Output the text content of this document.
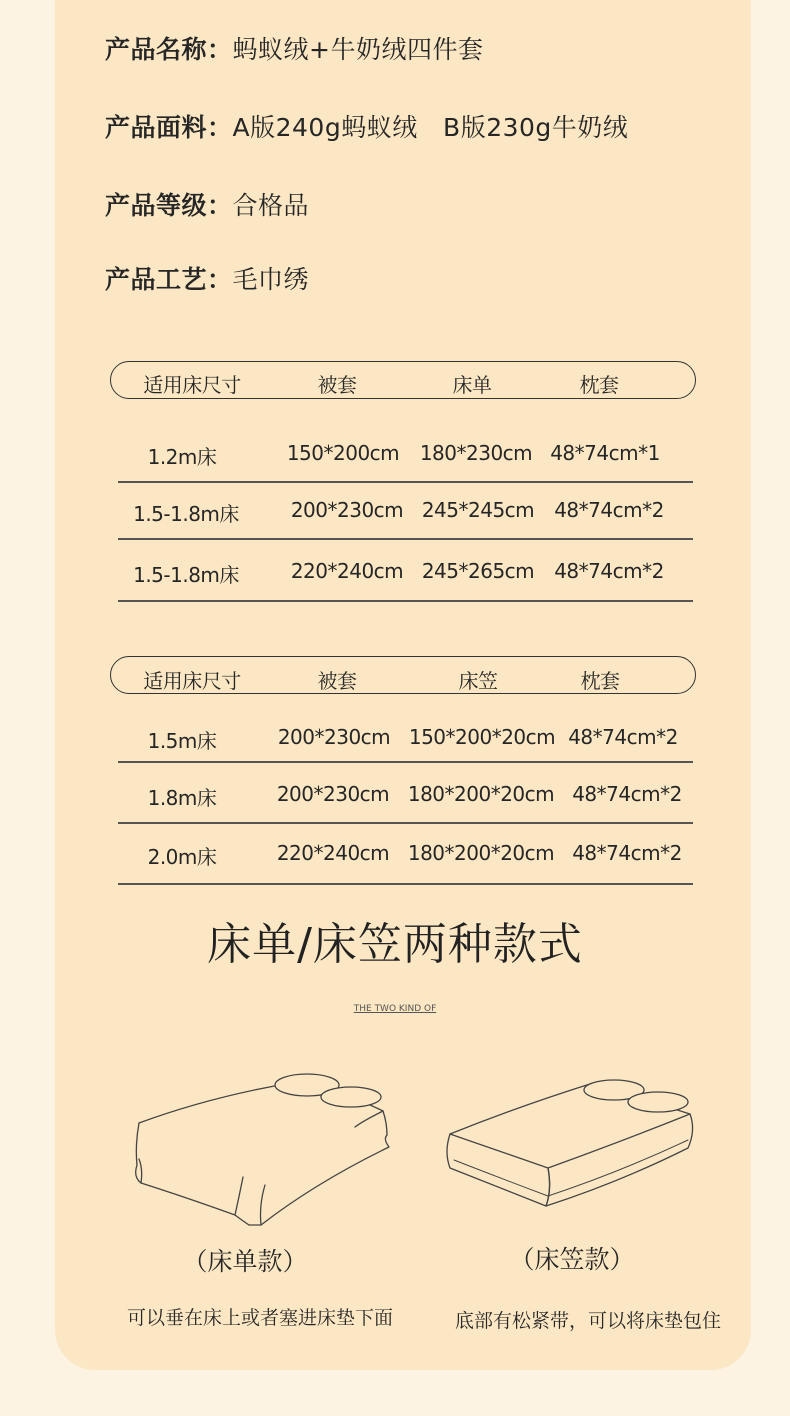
产品名称：蚂蚁绒+牛奶绒四件套
产品面料：A版240g蚂蚁绒   B版230g牛奶绒
产品等级：合格品
产品工艺：毛巾绣
适用床尺寸	被套	床单	枕套
1.2m床	150*200cm 180*230cm 48*74cm*1
1.5-1.8m床	200*230cm 245*245cm 48*74cm*2
1.5-1.8m床	220*240cm 245*265cm 48*74cm*2
适用床尺寸	被套	床笠	枕套
1.5m床	200*230cm 150*200*20cm 48*74cm*2
1.8m床	200*230cm 180*200*20cm 48*74cm*2
2.0m床	220*240cm 180*200*20cm 48*74cm*2
床单/床笠两种款式
THE TWO KIND OF
（床单款）	（床笠款）
可以垂在床上或者塞进床垫下面	底部有松紧带，可以将床垫包住
